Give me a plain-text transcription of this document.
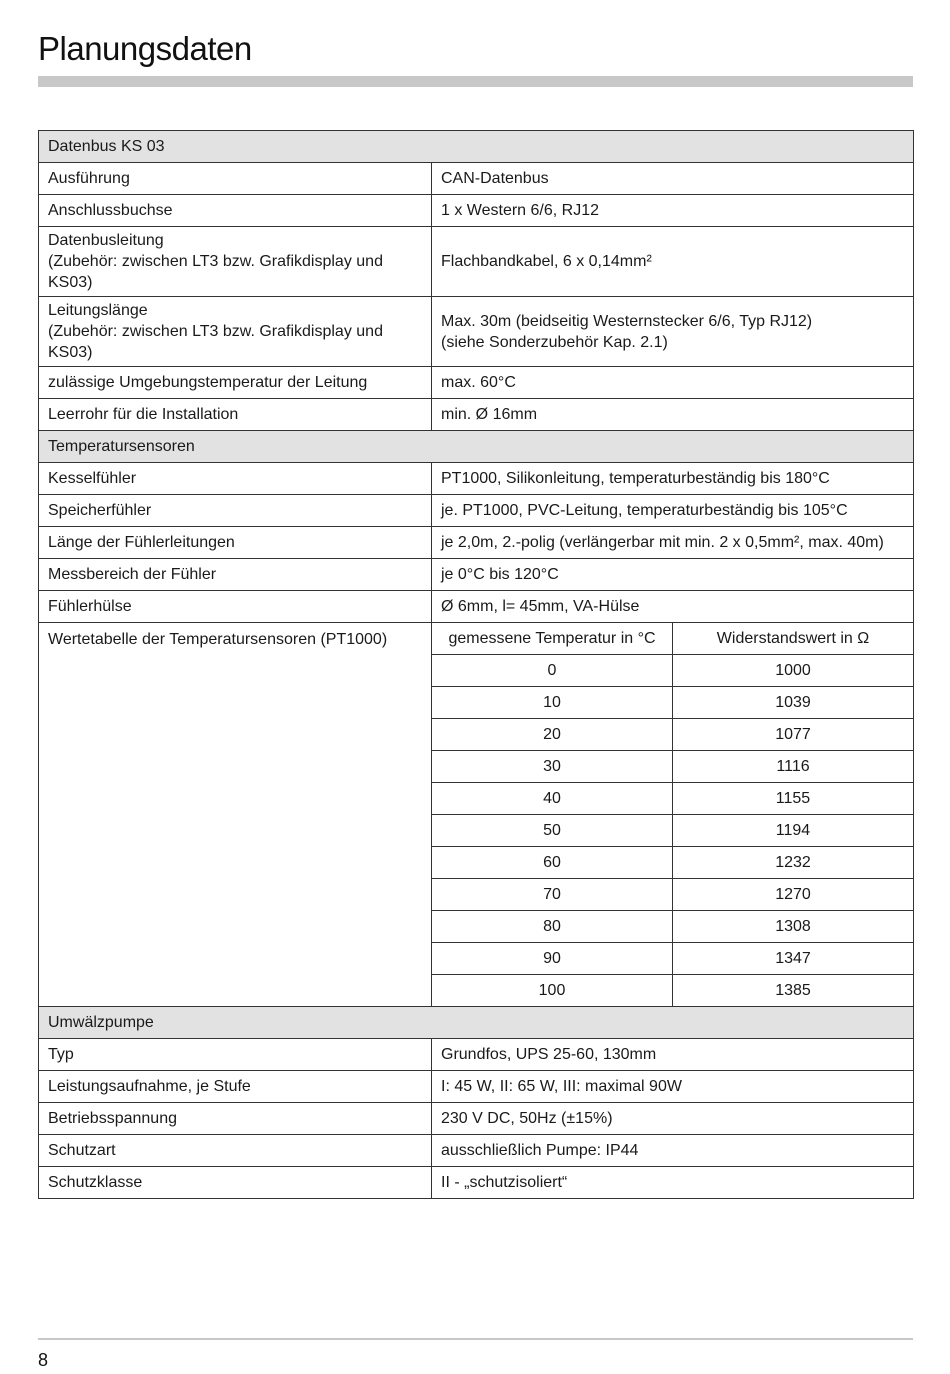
Planungsdaten
Datenbus KS 03		
Ausführung	CAN-Datenbus	
Anschlussbuchse	1 x Western 6/6, RJ12	

Datenbusleitung
(Zubehör: zwischen LT3 bzw. Grafikdisplay und KS03)	Flachbandkabel, 6 x 0,14mm²	

Leitungslänge
(Zubehör: zwischen LT3 bzw. Grafikdisplay und KS03)	Max. 30m (beidseitig Westernstecker 6/6, Typ RJ12)
(siehe Sonderzubehör Kap. 2.1)	

zulässige Umgebungstemperatur der Leitung	max. 60°C	
Leerrohr für die Installation	min. Ø 16mm	
Temperatursensoren		
Kesselfühler	PT1000, Silikonleitung, temperaturbeständig bis 180°C	
Speicherfühler	je. PT1000, PVC-Leitung, temperaturbeständig bis 105°C	
Länge der Fühlerleitungen	je 2,0m, 2.-polig (verlängerbar mit min. 2 x 0,5mm², max. 40m)	
Messbereich der Fühler	je 0°C bis 120°C	
Fühlerhülse	Ø 6mm, l= 45mm, VA-Hülse	
Wertetabelle der Temperatursensoren (PT1000)	gemessene Temperatur in °C	Widerstandswert in Ω
	0	1000
	10	1039
	20	1077
	30	1116
	40	1155
	50	1194
	60	1232
	70	1270
	80	1308
	90	1347
	100	1385
Umwälzpumpe		
Typ	Grundfos, UPS 25-60, 130mm	
Leistungsaufnahme, je Stufe	I: 45 W, II: 65 W, III: maximal 90W	
Betriebsspannung	230 V DC, 50Hz (±15%)	
Schutzart	ausschließlich Pumpe: IP44	
Schutzklasse	II - „schutzisoliert“	
8
